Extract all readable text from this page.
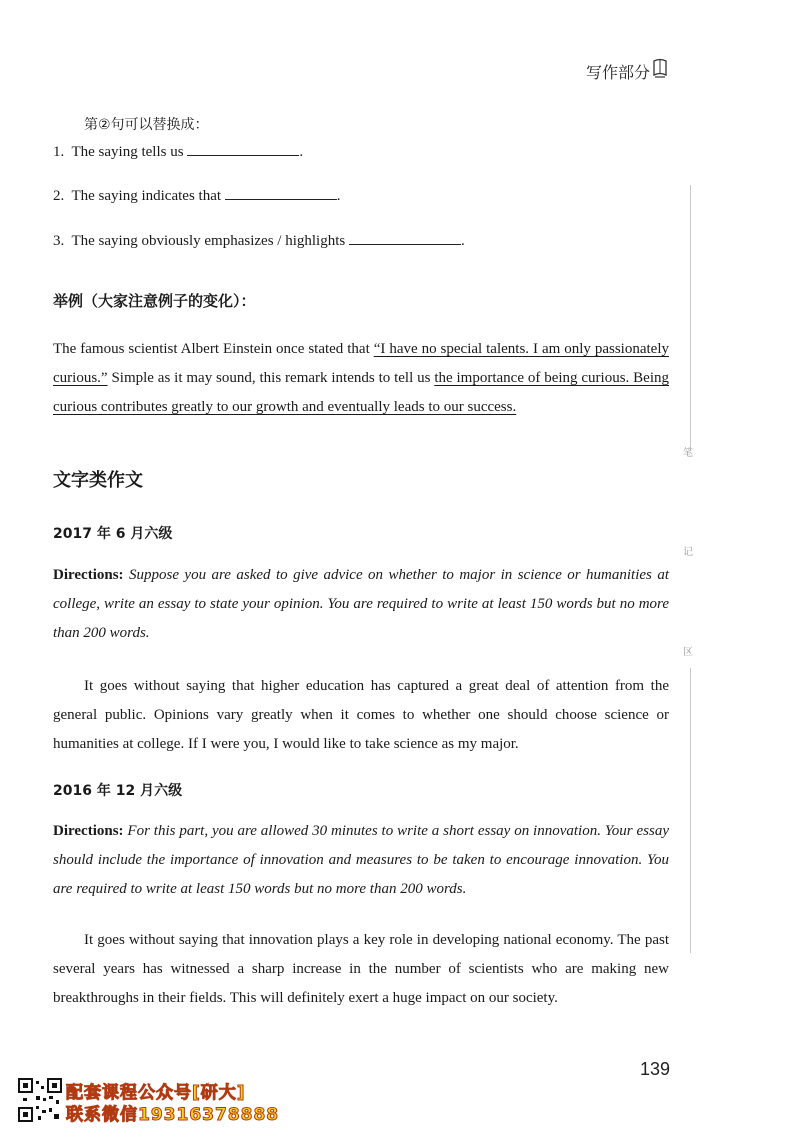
写作部分
第②句可以替换成：
1. The saying tells us	.
2. The saying indicates that	.
3. The saying obviously emphasizes / highlights	.
举例（大家注意例子的变化）：
The famous scientist Albert Einstein once stated that “I have no special talents. I am only passionately curious.” Simple as it may sound, this remark intends to tell us the importance of being curious. Being curious contributes greatly to our growth and eventually leads to our success.
文字类作文
2017 年 6 月六级
Directions: Suppose you are asked to give advice on whether to major in science or humanities at college, write an essay to state your opinion. You are required to write at least 150 words but no more than 200 words.
It goes without saying that higher education has captured a great deal of attention from the general public. Opinions vary greatly when it comes to whether one should choose science or humanities at college. If I were you, I would like to take science as my major.
2016 年 12 月六级
Directions: For this part, you are allowed 30 minutes to write a short essay on innovation. Your essay should include the importance of innovation and measures to be taken to encourage innovation. You are required to write at least 150 words but no more than 200 words.
It goes without saying that innovation plays a key role in developing national economy. The past several years has witnessed a sharp increase in the number of scientists who are making new breakthroughs in their fields. This will definitely exert a huge impact on our society.
笔
记
区
139
配套课程公众号[研大]
联系微信19316378888
